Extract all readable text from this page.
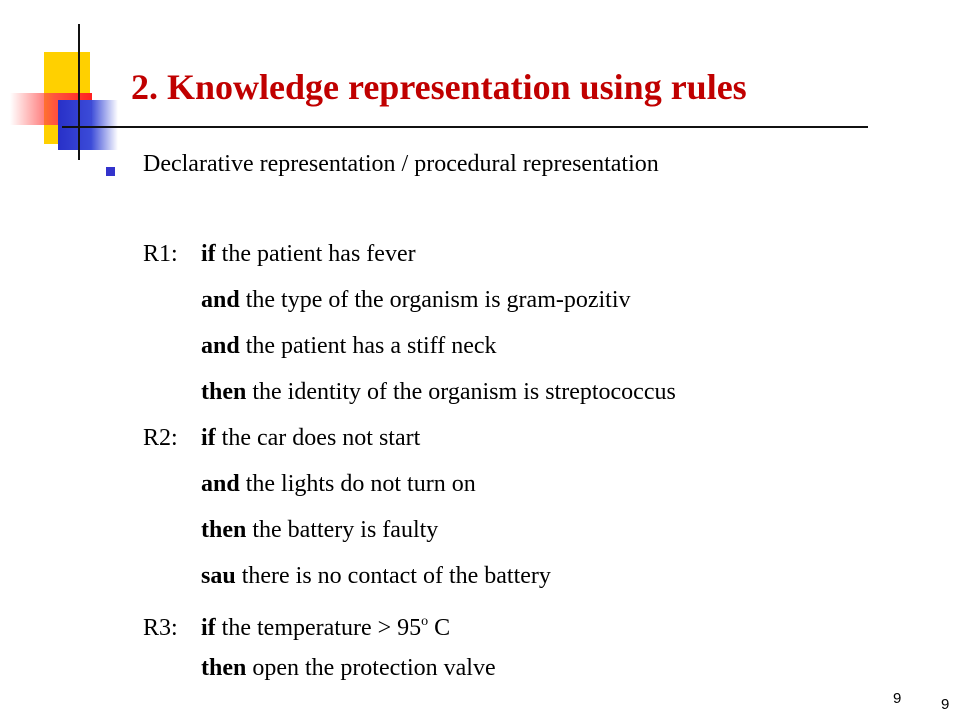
2. Knowledge representation using rules
Declarative representation / procedural representation
R1: if the patient has fever
and the type of the organism is gram-pozitiv
and the patient has a stiff neck
then the identity of the organism is streptococcus
R2: if the car does not start
and the lights do not turn on
then the battery is faulty
sau there is no contact of the battery
R3: if the temperature > $95^o$ C
then open the protection valve
9	9
